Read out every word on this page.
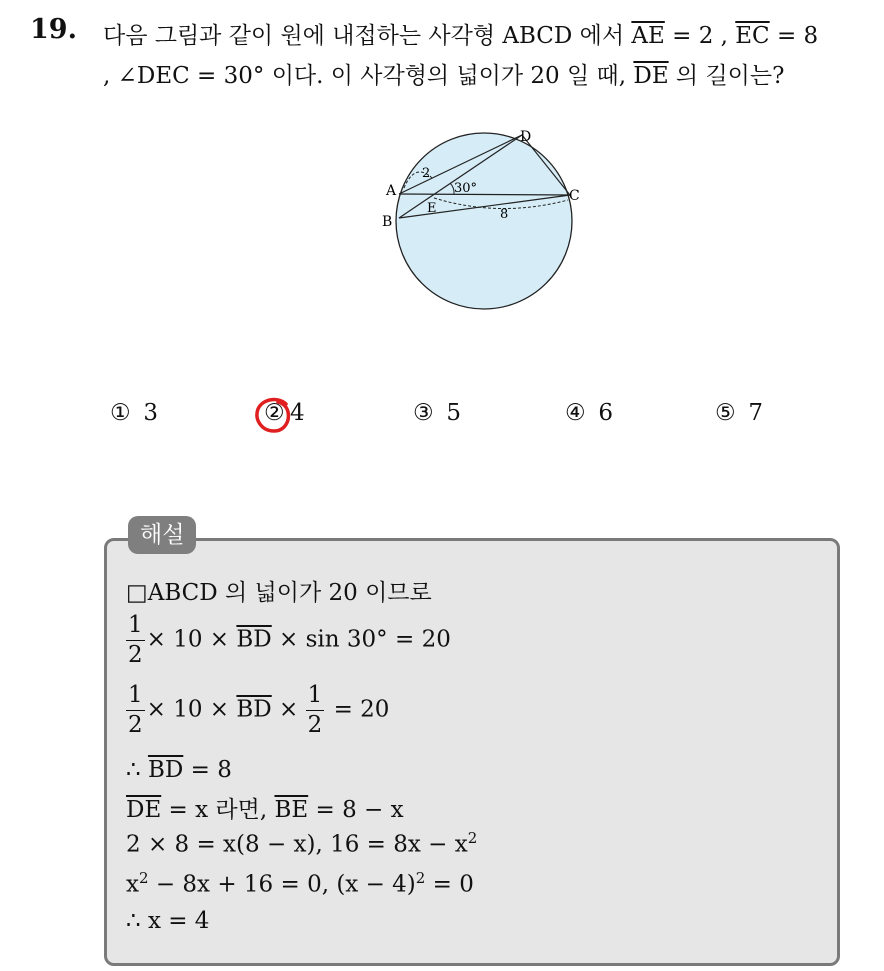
19. 다음 그림과 같이 원에 내접하는 사각형 ABCD 에서 $\overline{AE} = 2$ , $\overline{EC} = 8$
, ∠DEC = 30° 이다. 이 사각형의 넓이가 20 일 때, $\overline{DE}$ 의 길이는?
D
A	C
B
E
30°
2
8
① 3	② 4	③ 5	④ 6	⑤ 7
해설
□ABCD 의 넓이가 20 이므로
$\frac{1}{2} \times 10 \times \overline{BD} \times \sin 30^\circ = 20$
$\frac{1}{2} \times 10 \times \overline{BD} \times \frac{1}{2} = 20$
∴ $\overline{BD} = 8$
$\overline{DE} = x$ 라면, $\overline{BE} = 8 - x$
2 × 8 = x(8 − x), $16 = 8x - x^2$
$x^2 - 8x + 16 = 0$, $(x - 4)^2 = 0$
∴ x = 4
